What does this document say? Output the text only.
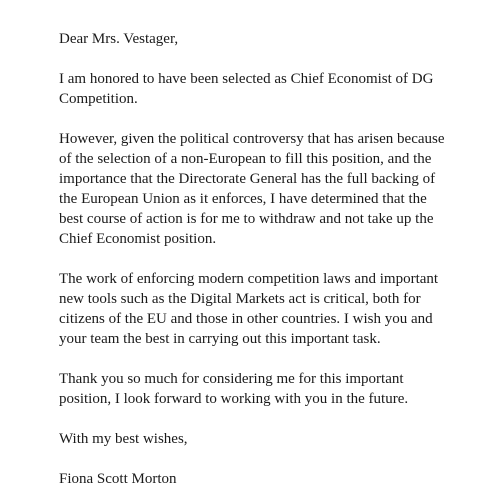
Dear Mrs. Vestager,

I am honored to have been selected as Chief Economist of DG
Competition.

However, given the political controversy that has arisen because
of the selection of a non-European to fill this position, and the
importance that the Directorate General has the full backing of
the European Union as it enforces, I have determined that the
best course of action is for me to withdraw and not take up the
Chief Economist position.

The work of enforcing modern competition laws and important
new tools such as the Digital Markets act is critical, both for
citizens of the EU and those in other countries. I wish you and
your team the best in carrying out this important task.

Thank you so much for considering me for this important
position, I look forward to working with you in the future.

With my best wishes,

Fiona Scott Morton
